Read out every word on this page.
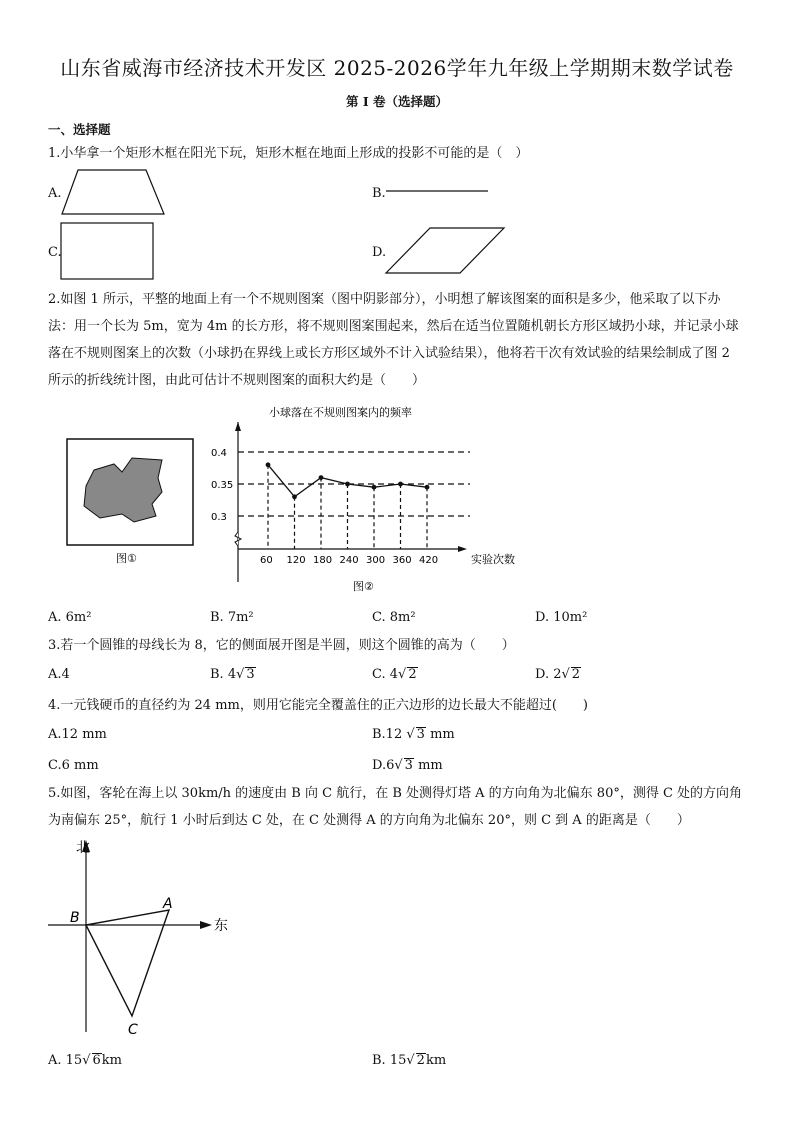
山东省威海市经济技术开发区 2025-2026学年九年级上学期期末数学试卷
第 I 卷（选择题）
一、选择题
1.小华拿一个矩形木框在阳光下玩，矩形木框在地面上形成的投影不可能的是（　）
A.	B.
C.	D.
2.如图 1 所示，平整的地面上有一个不规则图案（图中阴影部分），小明想了解该图案的面积是多少，他采取了以下办法：用一个长为 5m，宽为 4m 的长方形，将不规则图案围起来，然后在适当位置随机朝长方形区域扔小球，并记录小球落在不规则图案上的次数（小球扔在界线上或长方形区域外不计入试验结果），他将若干次有效试验的结果绘制成了图 2 所示的折线统计图，由此可估计不规则图案的面积大约是（　　）
图①
小球落在不规则图案内的频率
实验次数
0.4
0.35
0.3
60 120 180 240 300 360 420
图②
A. 6m²	B. 7m²	C. 8m²	D. 10m²
3.若一个圆锥的母线长为 8，它的侧面展开图是半圆，则这个圆锥的高为（　　）
A.4	B. 4√ 3	C. 4√ 2	D. 2√ 2
4.一元钱硬币的直径约为 24 mm，则用它能完全覆盖住的正六边形的边长最大不能超过(　　)
A.12 mm	B.12 √ 3 mm
C.6 mm	D.6√ 3 mm
5.如图，客轮在海上以 30km/h 的速度由 B 向 C 航行，在 B 处测得灯塔 A 的方向角为北偏东 80°，测得 C 处的方向角为南偏东 25°，航行 1 小时后到达 C 处，在 C 处测得 A 的方向角为北偏东 20°，则 C 到 A 的距离是（　　）
北
东
B
A
C
A. 15√ 6km	B. 15√ 2km
